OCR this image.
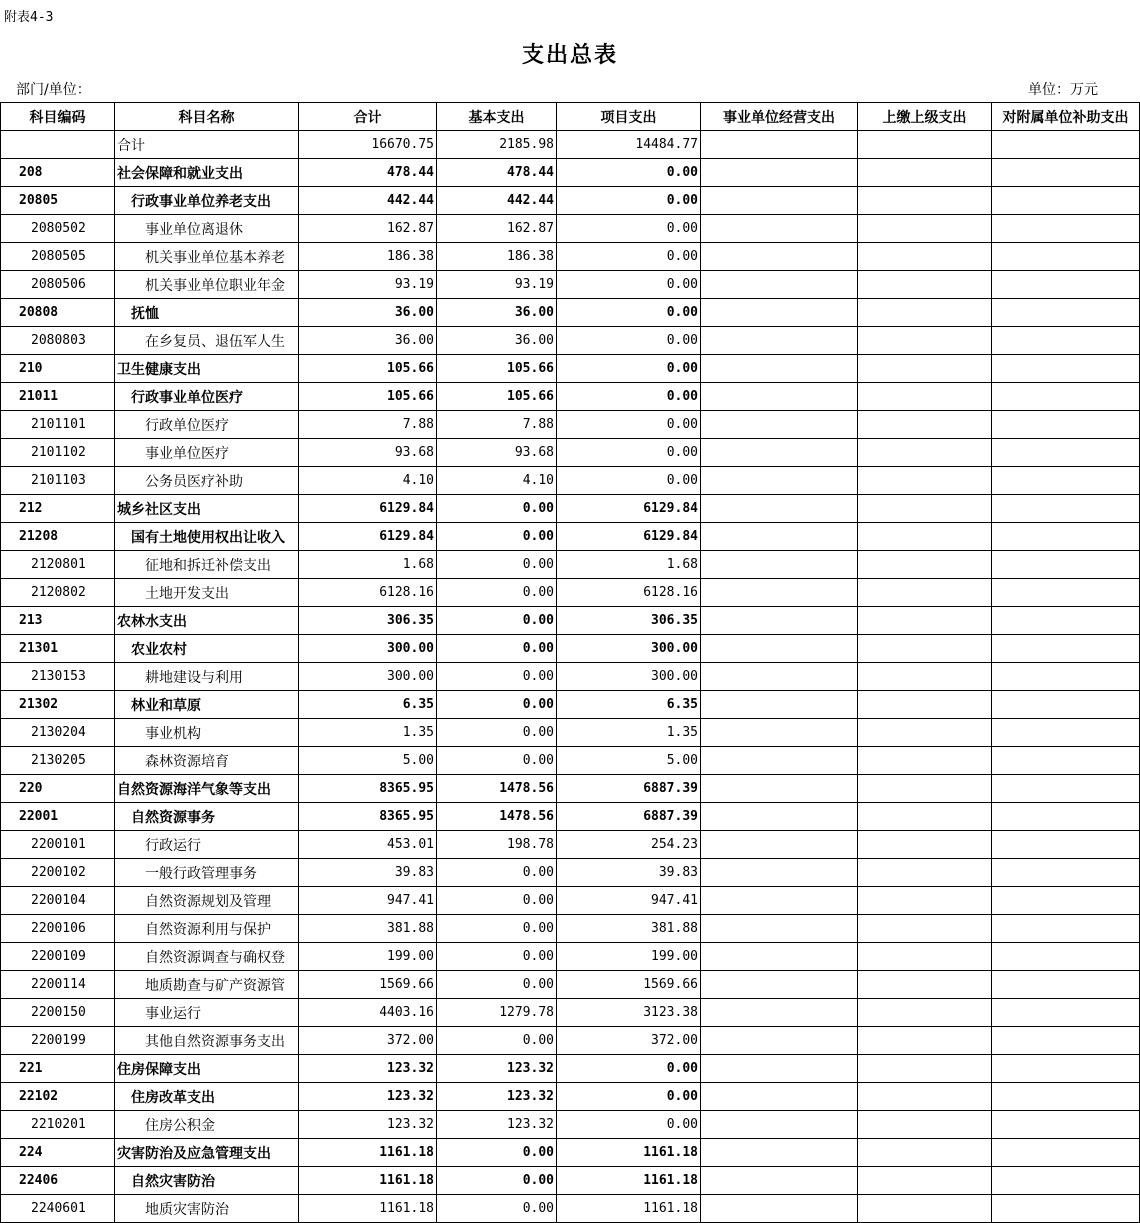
附表4-3
支出总表
部门/单位：	单位：万元
科目编码	科目名称	合计	基本支出	项目支出	事业单位经营支出	上缴上级支出	对附属单位补助支出
	合计	16670.75	2185.98	14484.77			
208	社会保障和就业支出	478.44	478.44	0.00			
20805	行政事业单位养老支出	442.44	442.44	0.00			
2080502	事业单位离退休	162.87	162.87	0.00			
2080505	机关事业单位基本养老	186.38	186.38	0.00			
2080506	机关事业单位职业年金	93.19	93.19	0.00			
20808	抚恤	36.00	36.00	0.00			
2080803	在乡复员、退伍军人生	36.00	36.00	0.00			
210	卫生健康支出	105.66	105.66	0.00			
21011	行政事业单位医疗	105.66	105.66	0.00			
2101101	行政单位医疗	7.88	7.88	0.00			
2101102	事业单位医疗	93.68	93.68	0.00			
2101103	公务员医疗补助	4.10	4.10	0.00			
212	城乡社区支出	6129.84	0.00	6129.84			
21208	国有土地使用权出让收入	6129.84	0.00	6129.84			
2120801	征地和拆迁补偿支出	1.68	0.00	1.68			
2120802	土地开发支出	6128.16	0.00	6128.16			
213	农林水支出	306.35	0.00	306.35			
21301	农业农村	300.00	0.00	300.00			
2130153	耕地建设与利用	300.00	0.00	300.00			
21302	林业和草原	6.35	0.00	6.35			
2130204	事业机构	1.35	0.00	1.35			
2130205	森林资源培育	5.00	0.00	5.00			
220	自然资源海洋气象等支出	8365.95	1478.56	6887.39			
22001	自然资源事务	8365.95	1478.56	6887.39			
2200101	行政运行	453.01	198.78	254.23			
2200102	一般行政管理事务	39.83	0.00	39.83			
2200104	自然资源规划及管理	947.41	0.00	947.41			
2200106	自然资源利用与保护	381.88	0.00	381.88			
2200109	自然资源调查与确权登	199.00	0.00	199.00			
2200114	地质勘查与矿产资源管	1569.66	0.00	1569.66			
2200150	事业运行	4403.16	1279.78	3123.38			
2200199	其他自然资源事务支出	372.00	0.00	372.00			
221	住房保障支出	123.32	123.32	0.00			
22102	住房改革支出	123.32	123.32	0.00			
2210201	住房公积金	123.32	123.32	0.00			
224	灾害防治及应急管理支出	1161.18	0.00	1161.18			
22406	自然灾害防治	1161.18	0.00	1161.18			
2240601	地质灾害防治	1161.18	0.00	1161.18			
